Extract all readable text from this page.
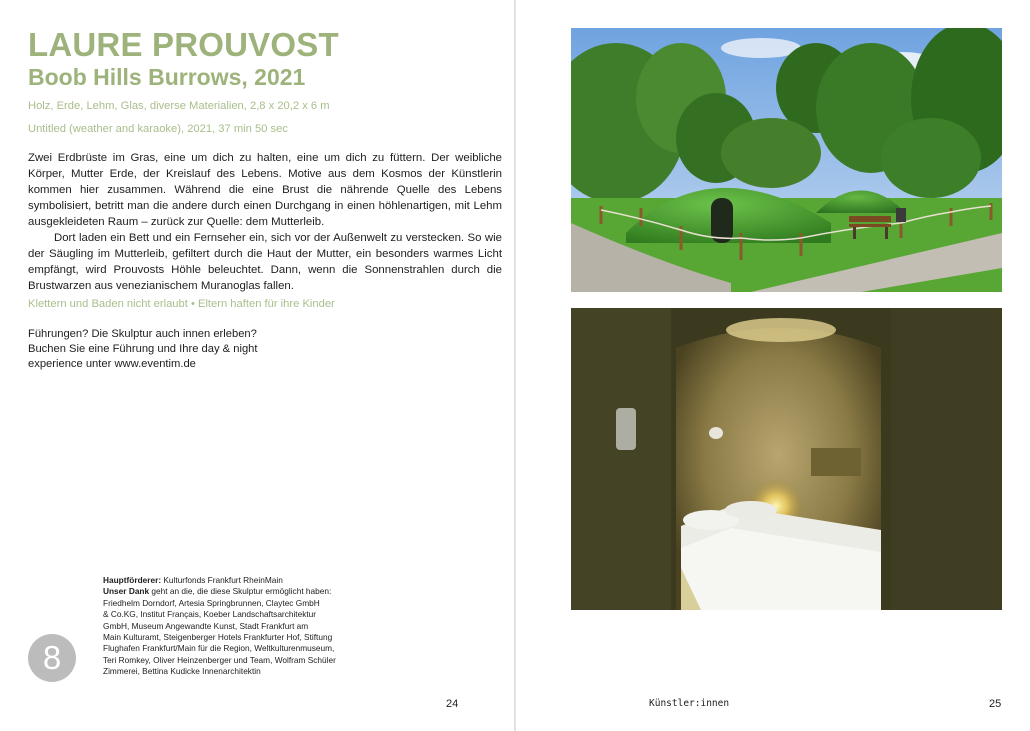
LAURE PROUVOST
Boob Hills Burrows, 2021

Holz, Erde, Lehm, Glas, diverse Materialien, 2,8 x 20,2 x 6 m

Untitled (weather and karaoke), 2021, 37 min 50 sec

Zwei Erdbrüste im Gras, eine um dich zu halten, eine um dich zu füttern. Der weibliche Körper, Mutter Erde, der Kreislauf des Lebens. Motive aus dem Kosmos der Künstlerin kommen hier zusammen. Während die eine Brust die nährende Quelle des Lebens symbolisiert, betritt man die andere durch einen Durchgang in einen höhlenartigen, mit Lehm ausgekleideten Raum – zurück zur Quelle: dem Mutterleib.

Dort laden ein Bett und ein Fernseher ein, sich vor der Außenwelt zu verstecken. So wie der Säugling im Mutterleib, gefiltert durch die Haut der Mutter, ein besonders warmes Licht empfängt, wird Prouvosts Höhle beleuchtet. Dann, wenn die Sonnenstrahlen durch die Brustwarzen aus venezianischem Muranoglas fallen.

Klettern und Baden nicht erlaubt • Eltern haften für ihre Kinder
Führungen? Die Skulptur auch innen erleben?
Buchen Sie eine Führung und Ihre day & night
experience unter www.eventim.de
8
Hauptförderer: Kulturfonds Frankfurt RheinMain
Unser Dank geht an die, die diese Skulptur ermöglicht haben:
Friedhelm Dorndorf, Artesia Springbrunnen, Claytec GmbH
& Co.KG, Institut Français, Koeber Landschaftsarchitektur
GmbH, Museum Angewandte Kunst, Stadt Frankfurt am
Main Kulturamt, Steigenberger Hotels Frankfurter Hof, Stiftung
Flughafen Frankfurt/Main für die Region, Weltkulturenmuseum,
Teri Romkey, Oliver Heinzenberger und Team, Wolfram Schüler
Zimmerei, Bettina Kudicke Innenarchitektin
24	Künstler:innen	25
